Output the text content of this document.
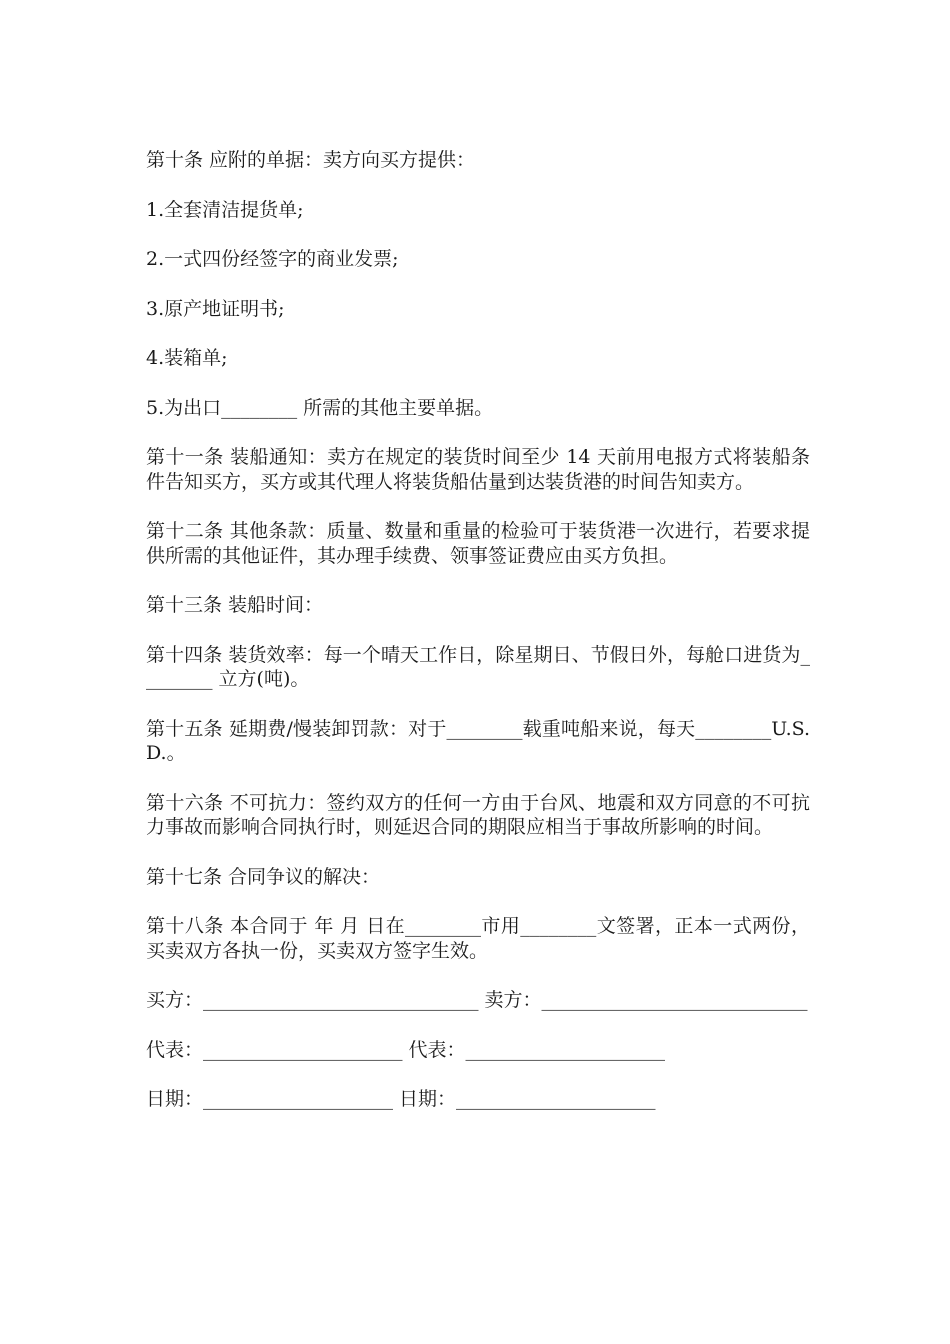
第十条 应附的单据：卖方向买方提供：

1.全套清洁提货单;

2.一式四份经签字的商业发票;

3.原产地证明书;

4.装箱单;

5.为出口________ 所需的其他主要单据。

第十一条 装船通知：卖方在规定的装货时间至少 14 天前用电报方式将装船条件告知买方，买方或其代理人将装货船估量到达装货港的时间告知卖方。

第十二条 其他条款：质量、数量和重量的检验可于装货港一次进行，若要求提供所需的其他证件，其办理手续费、领事签证费应由买方负担。

第十三条 装船时间：

第十四条 装货效率：每一个晴天工作日，除星期日、节假日外，每舱口进货为________ 立方(吨)。

第十五条 延期费/慢装卸罚款：对于________载重吨船来说，每天________U.S.D.。

第十六条 不可抗力：签约双方的任何一方由于台风、地震和双方同意的不可抗力事故而影响合同执行时，则延迟合同的期限应相当于事故所影响的时间。

第十七条 合同争议的解决：

第十八条 本合同于 年 月 日在________市用________文签署，正本一式两份，买卖双方各执一份，买卖双方签字生效。

买方：_____________________________ 卖方：____________________________

代表：_____________________ 代表：_____________________

日期：____________________ 日期：_____________________
